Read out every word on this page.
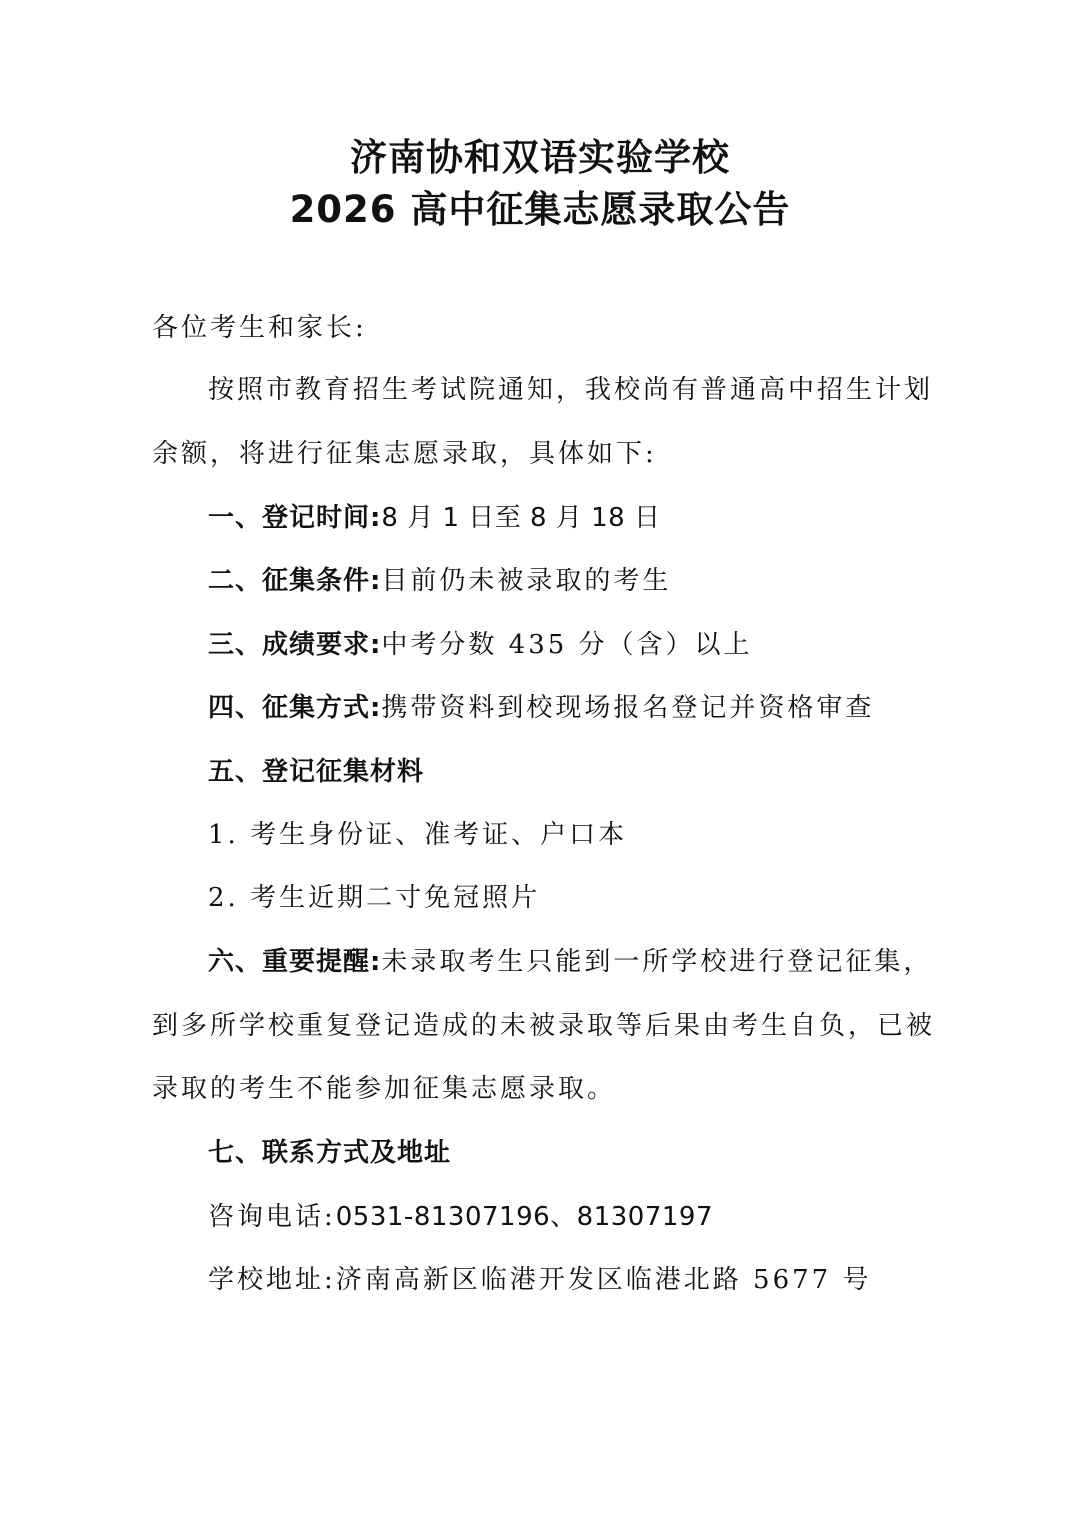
济南协和双语实验学校
2026 高中征集志愿录取公告
各位考生和家长:
按照市教育招生考试院通知，我校尚有普通高中招生计划
余额，将进行征集志愿录取，具体如下:
一、登记时间:8 月 1 日至 8 月 18 日
二、征集条件:目前仍未被录取的考生
三、成绩要求:中考分数 435 分（含）以上
四、征集方式:携带资料到校现场报名登记并资格审查
五、登记征集材料
1. 考生身份证、准考证、户口本
2. 考生近期二寸免冠照片
六、重要提醒:未录取考生只能到一所学校进行登记征集，
到多所学校重复登记造成的未被录取等后果由考生自负，已被
录取的考生不能参加征集志愿录取。
七、联系方式及地址
咨询电话:0531-81307196、81307197
学校地址:济南高新区临港开发区临港北路 5677 号
